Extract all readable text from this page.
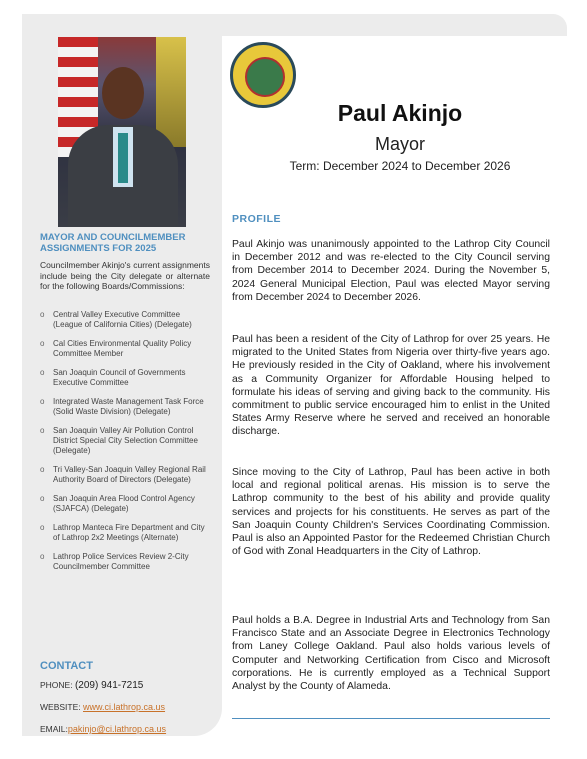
Paul Akinjo
Mayor
Term: December 2024 to December 2026
MAYOR AND COUNCILMEMBER
ASSIGNMENTS FOR 2025
Councilmember Akinjo's current assignments include being the City delegate or alternate for the following Boards/Commissions:
o Central Valley Executive Committee (League of California Cities) (Delegate)
o Cal Cities Environmental Quality Policy Committee Member
o San Joaquin Council of Governments Executive Committee
o Integrated Waste Management Task Force (Solid Waste Division) (Delegate)
o San Joaquin Valley Air Pollution Control District Special City Selection Committee (Delegate)
o Tri Valley-San Joaquin Valley Regional Rail Authority Board of Directors (Delegate)
o San Joaquin Area Flood Control Agency (SJAFCA) (Delegate)
o Lathrop Manteca Fire Department and City of Lathrop 2x2 Meetings (Alternate)
o Lathrop Police Services Review 2-City Councilmember Committee
CONTACT
PHONE: (209) 941-7215
WEBSITE: www.ci.lathrop.ca.us
EMAIL:pakinjo@ci.lathrop.ca.us
PROFILE

Paul Akinjo was unanimously appointed to the Lathrop City Council in December 2012 and was re-elected to the City Council serving from December 2014 to December 2024. During the November 5, 2024 General Municipal Election, Paul was elected Mayor serving from December 2024 to December 2026.

Paul has been a resident of the City of Lathrop for over 25 years. He migrated to the United States from Nigeria over thirty-five years ago. He previously resided in the City of Oakland, where his involvement as a Community Organizer for Affordable Housing helped to formulate his ideas of serving and giving back to the community. His commitment to public service encouraged him to enlist in the United States Army Reserve where he served and received an honorable discharge.

Since moving to the City of Lathrop, Paul has been active in both local and regional political arenas. His mission is to serve the Lathrop community to the best of his ability and provide quality services and projects for his constituents. He serves as part of the San Joaquin County Children's Services Coordinating Commission. Paul is also an Appointed Pastor for the Redeemed Christian Church of God with Zonal Headquarters in the City of Lathrop.

Paul holds a B.A. Degree in Industrial Arts and Technology from San Francisco State and an Associate Degree in Electronics Technology from Laney College Oakland. Paul also holds various levels of Computer and Networking Certification from Cisco and Microsoft corporations. He is currently employed as a Technical Support Analyst by the County of Alameda.
